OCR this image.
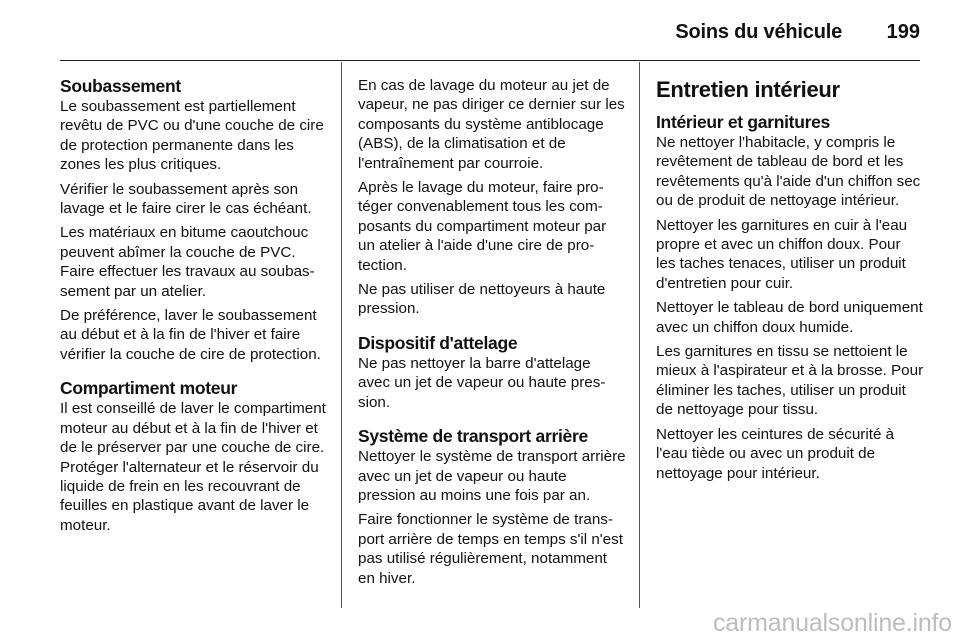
Soins du véhicule 199
Soubassement

Le soubassement est partiellement revêtu de PVC ou d'une couche de cire de protection permanente dans les zones les plus critiques.

Vérifier le soubassement après son lavage et le faire cirer le cas échéant.

Les matériaux en bitume caoutchouc peuvent abîmer la couche de PVC. Faire effectuer les travaux au soubassement par un atelier.

De préférence, laver le soubassement au début et à la fin de l'hiver et faire vérifier la couche de cire de protection.

Compartiment moteur

Il est conseillé de laver le compartiment moteur au début et à la fin de l'hiver et de le préserver par une couche de cire. Protéger l'alternateur et le réservoir du liquide de frein en les recouvrant de feuilles en plastique avant de laver le moteur.

En cas de lavage du moteur au jet de vapeur, ne pas diriger ce dernier sur les composants du système antiblocage (ABS), de la climatisation et de l'entraînement par courroie.

Après le lavage du moteur, faire protéger convenablement tous les composants du compartiment moteur par un atelier à l'aide d'une cire de protection.

Ne pas utiliser de nettoyeurs à haute pression.

Dispositif d'attelage

Ne pas nettoyer la barre d'attelage avec un jet de vapeur ou haute pression.

Système de transport arrière

Nettoyer le système de transport arrière avec un jet de vapeur ou haute pression au moins une fois par an.

Faire fonctionner le système de transport arrière de temps en temps s'il n'est pas utilisé régulièrement, notamment en hiver.

Entretien intérieur
Intérieur et garnitures

Ne nettoyer l'habitacle, y compris le revêtement de tableau de bord et les revêtements qu'à l'aide d'un chiffon sec ou de produit de nettoyage intérieur.

Nettoyer les garnitures en cuir à l'eau propre et avec un chiffon doux. Pour les taches tenaces, utiliser un produit d'entretien pour cuir.

Nettoyer le tableau de bord uniquement avec un chiffon doux humide.

Les garnitures en tissu se nettoient le mieux à l'aspirateur et à la brosse. Pour éliminer les taches, utiliser un produit de nettoyage pour tissu.

Nettoyer les ceintures de sécurité à l'eau tiède ou avec un produit de nettoyage pour intérieur.

carmanualsonline.info
